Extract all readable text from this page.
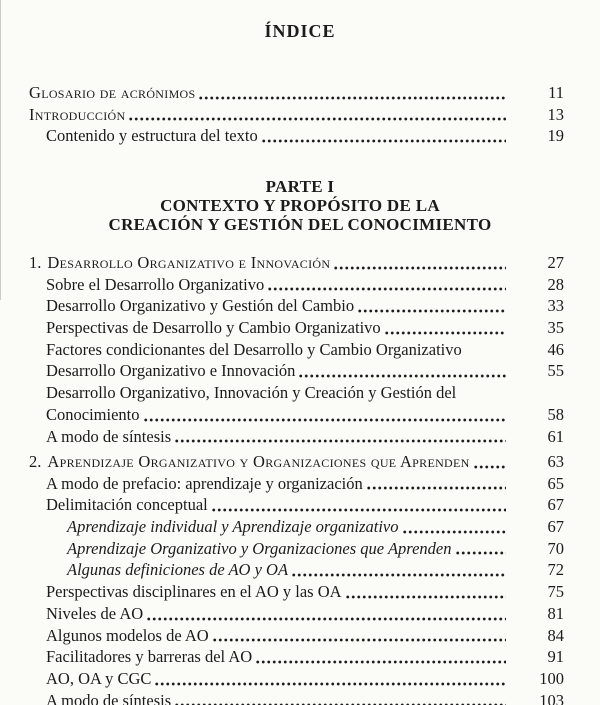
ÍNDICE
Glosario de acrónimos	11
Introducción	13
Contenido y estructura del texto	19
PARTE I
CONTEXTO Y PROPÓSITO DE LA
CREACIÓN Y GESTIÓN DEL CONOCIMIENTO
1. Desarrollo Organizativo e Innovación	27
Sobre el Desarrollo Organizativo	28
Desarrollo Organizativo y Gestión del Cambio	33
Perspectivas de Desarrollo y Cambio Organizativo	35
Factores condicionantes del Desarrollo y Cambio Organizativo	46
Desarrollo Organizativo e Innovación	55
Desarrollo Organizativo, Innovación y Creación y Gestión del
Conocimiento	58
A modo de síntesis	61
2. Aprendizaje Organizativo y Organizaciones que Aprenden	63
A modo de prefacio: aprendizaje y organización	65
Delimitación conceptual	67
Aprendizaje individual y Aprendizaje organizativo	67
Aprendizaje Organizativo y Organizaciones que Aprenden	70
Algunas definiciones de AO y OA	72
Perspectivas disciplinares en el AO y las OA	75
Niveles de AO	81
Algunos modelos de AO	84
Facilitadores y barreras del AO	91
AO, OA y CGC	100
A modo de síntesis	103
